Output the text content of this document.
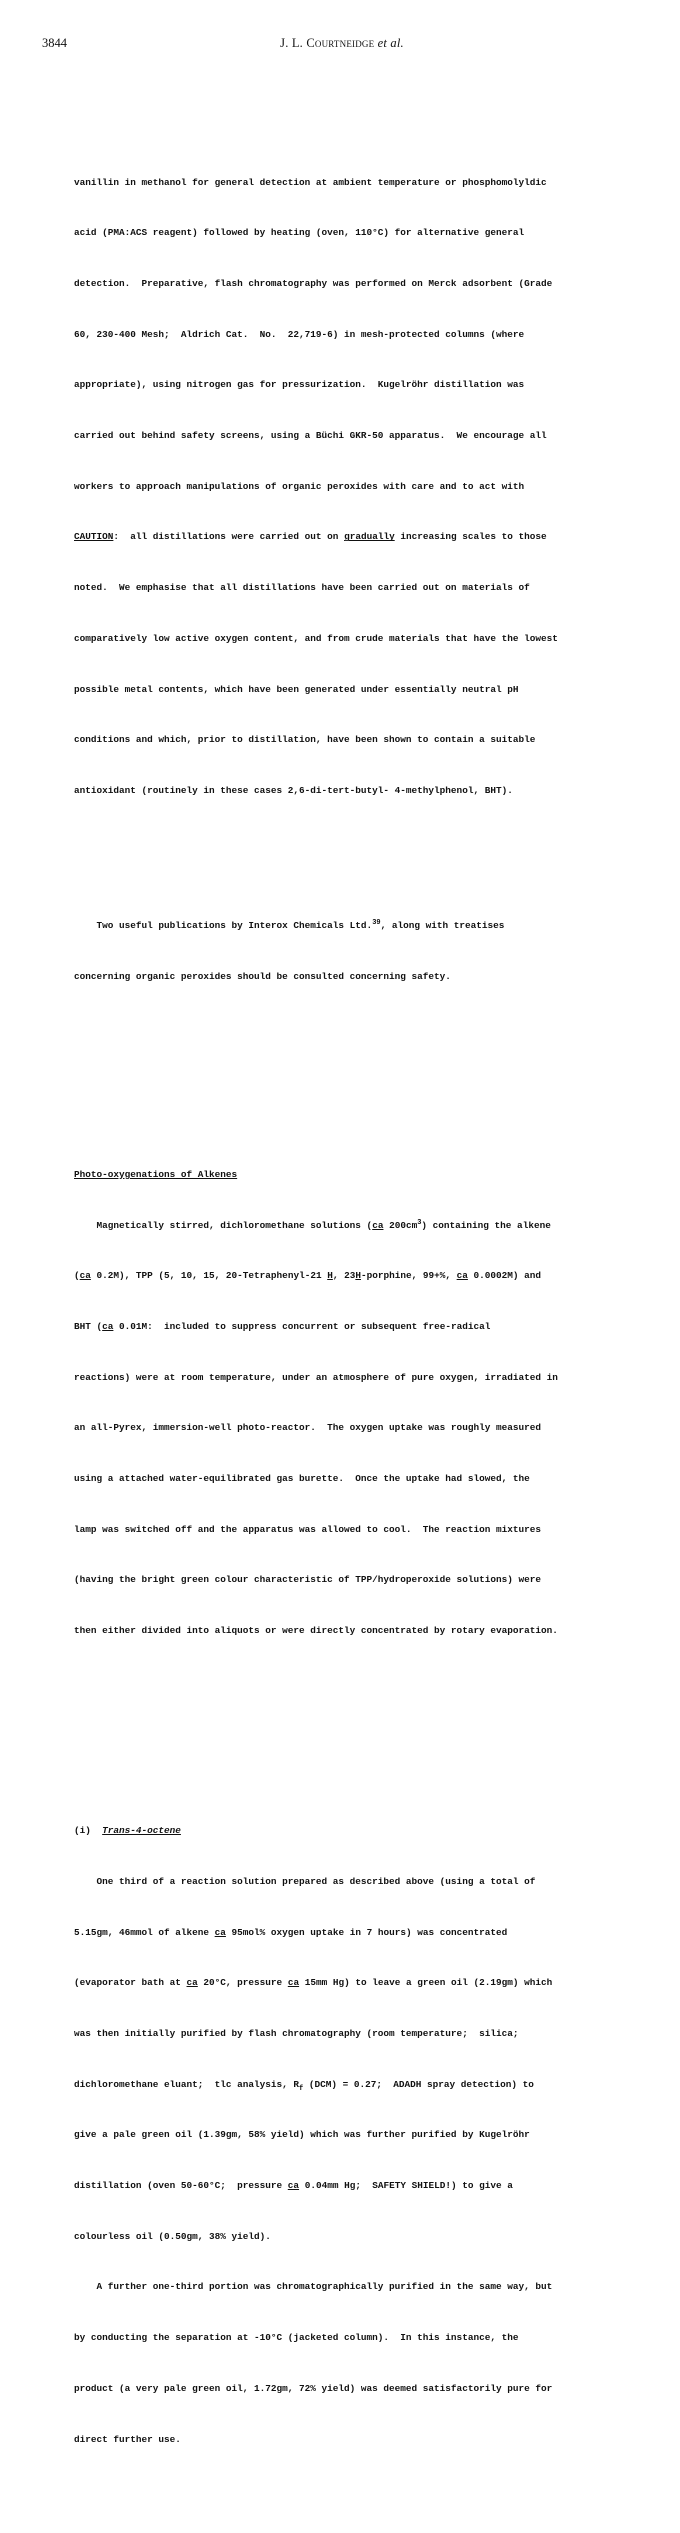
3844	J. L. Courtneidge et al.

vanillin in methanol for general detection at ambient temperature or phosphomolyldic

acid (PMA:ACS reagent) followed by heating (oven, 110°C) for alternative general

detection.  Preparative, flash chromatography was performed on Merck adsorbent (Grade

60, 230-400 Mesh;  Aldrich Cat.  No.  22,719-6) in mesh-protected columns (where

appropriate), using nitrogen gas for pressurization.  Kugelröhr distillation was

carried out behind safety screens, using a Büchi GKR-50 apparatus.  We encourage all

workers to approach manipulations of organic peroxides with care and to act with

CAUTION:  all distillations were carried out on gradually increasing scales to those

noted.  We emphasise that all distillations have been carried out on materials of

comparatively low active oxygen content, and from crude materials that have the lowest

possible metal contents, which have been generated under essentially neutral pH

conditions and which, prior to distillation, have been shown to contain a suitable

antioxidant (routinely in these cases 2,6-di-tert-butyl- 4-methylphenol, BHT).

Two useful publications by Interox Chemicals Ltd.$^{39}$, along with treatises

concerning organic peroxides should be consulted concerning safety.

Photo-oxygenations of Alkenes

Magnetically stirred, dichloromethane solutions (ca $200cm^3$) containing the alkene

(ca 0.2M), TPP (5, 10, 15, 20-Tetraphenyl-21 H, 23H-porphine, 99+%, ca 0.0002M) and

BHT (ca 0.01M:  included to suppress concurrent or subsequent free-radical

reactions) were at room temperature, under an atmosphere of pure oxygen, irradiated in

an all-Pyrex, immersion-well photo-reactor.  The oxygen uptake was roughly measured

using a attached water-equilibrated gas burette.  Once the uptake had slowed, the

lamp was switched off and the apparatus was allowed to cool.  The reaction mixtures

(having the bright green colour characteristic of TPP/hydroperoxide solutions) were

then either divided into aliquots or were directly concentrated by rotary evaporation.

(i) Trans-4-octene

One third of a reaction solution prepared as described above (using a total of

5.15gm, 46mmol of alkene ca 95mol% oxygen uptake in 7 hours) was concentrated

(evaporator bath at ca 20°C, pressure ca 15mm Hg) to leave a green oil (2.19gm) which

was then initially purified by flash chromatography (room temperature;  silica;

dichloromethane eluant;  tlc analysis, $R_f$ (DCM) = 0.27;  ADADH spray detection) to

give a pale green oil (1.39gm, 58% yield) which was further purified by Kugelröhr

distillation (oven 50-60°C;  pressure ca 0.04mm Hg;  SAFETY SHIELD!) to give a

colourless oil (0.50gm, 38% yield).

A further one-third portion was chromatographically purified in the same way, but

by conducting the separation at -10°C (jacketed column).  In this instance, the

product (a very pale green oil, 1.72gm, 72% yield) was deemed satisfactorily pure for

direct further use.
